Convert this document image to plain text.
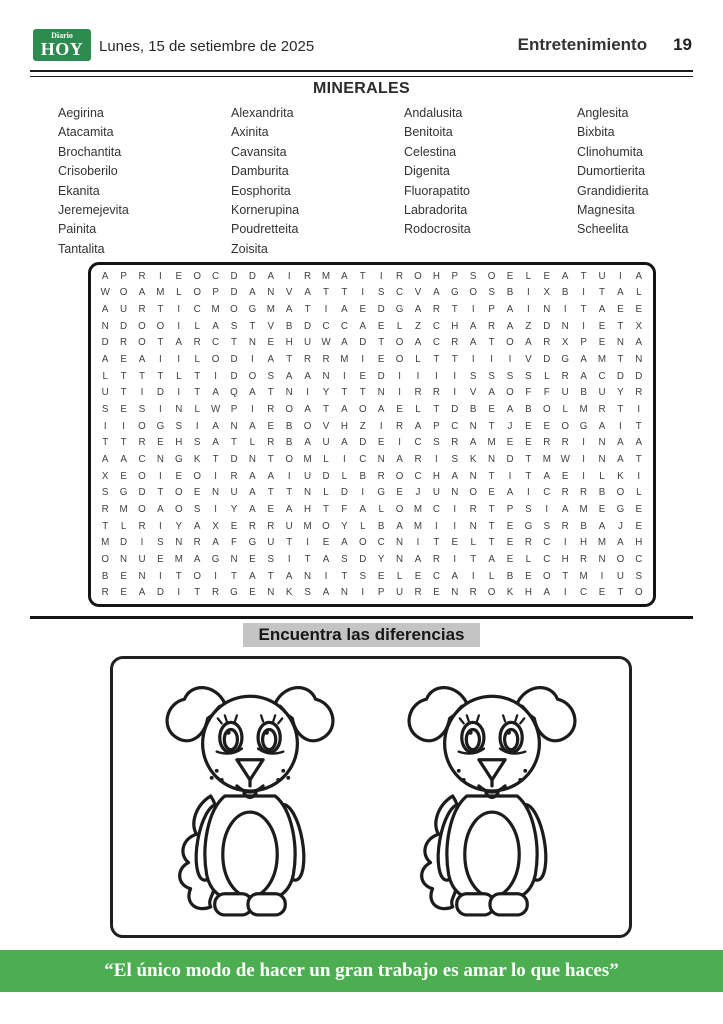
Diario
HOY	Lunes, 15 de setiembre de 2025	Entretenimiento 19
MINERALES
Aegirina
Atacamita
Brochantita
Crisoberilo
Ekanita
Jeremejevita
Painita
Tantalita
Alexandrita
Axinita
Cavansita
Damburita
Eosphorita
Kornerupina
Poudretteita
Zoisita
Andalusita
Benitoita
Celestina
Digenita
Fluorapatito
Labradorita
Rodocrosita
Anglesita
Bixbita
Clinohumita
Dumortierita
Grandidierita
Magnesita
Scheelita
A	P	R	I	E	O	C	D	D	A	I	R	M	A	T	I	R	O	H	P	S	O	E	L	E	A	T	U	I	A
W	O	A	M	L	O	P	D	A	N	V	A	T	T	I	S	C	V	A	G	O	S	B	I	X	B	I	T	A	L
A	U	R	T	I	C	M	O	G	M	A	T	I	A	E	D	G	A	R	T	I	P	A	I	N	I	T	A	E	E
N	D	O	O	I	L	A	S	T	V	B	D	C	C	A	E	L	Z	C	H	A	R	A	Z	D	N	I	E	T	X
D	R	O	T	A	R	C	T	N	E	H	U	W	A	D	T	O	A	C	R	A	T	O	A	R	X	P	E	N	A
A	E	A	I	I	L	O	D	I	A	T	R	R	M	I	E	O	L	T	T	I	I	I	V	D	G	A	M	T	N
L	T	T	T	L	T	I	D	O	S	A	A	N	I	E	D	I	I	I	I	S	S	S	S	L	R	A	C	D	D
U	T	I	D	I	T	A	Q	A	T	N	I	Y	T	T	N	I	R	R	I	V	A	O	F	F	U	B	U	Y	R
S	E	S	I	N	L	W	P	I	R	O	A	T	A	O	A	E	L	T	D	B	E	A	B	O	L	M	R	T	I
I	I	O	G	S	I	A	N	A	E	B	O	V	H	Z	I	R	A	P	C	N	T	J	E	E	O	G	A	I	T
T	T	R	E	H	S	A	T	L	R	B	A	U	A	D	E	I	C	S	R	A	M	E	E	R	R	I	N	A	A
A	A	C	N	G	K	T	D	N	T	O	M	L	I	C	N	A	R	I	S	K	N	D	T	M W	I	N	A	T
X	E	O	I	E	O	I	R	A	A	I	U	D	L	B	R	O	C	H	A	N	T	I	T	A	E	I	L	K	I
S	G	D	T	O	E	N	U	A	T	T	N	L	D	I	G	E	J	U	N	O	E	A	I	C	R	R	B	O	L
R	M	O	A	O	S	I	Y	A	E	A	H	T	F	A	L	O	M	C	I	R	T	P	S	I	A	M	E	G	E
T	L	R	I	Y	A	X	E	R	R	U	M	O	Y	L	B	A	M	I	I	N	T	E	G	S	R	B	A	J	E
M	D	I	S	N	R	A	F	G	U	T	I	E	A	O	C	N	I	T	E	L	T	E	R	C	I	H	M	A	H
O	N	U	E	M	A	G	N	E	S	I	T	A	S	D	Y	N	A	R	I	T	A	E	L	C	H	R	N	O	C
B	E	N	I	T	O	I	T	A	T	A	N	I	T	S	E	L	E	C	A	I	L	B	E	O	T	M	I	U	S
R	E	A	D	I	T	R	G	E	N	K	S	A	N	I	P	U	R	E	N	R	O	K	H	A	I	C	E	T	O
Encuentra las diferencias
“El único modo de hacer un gran trabajo es amar lo que haces”
